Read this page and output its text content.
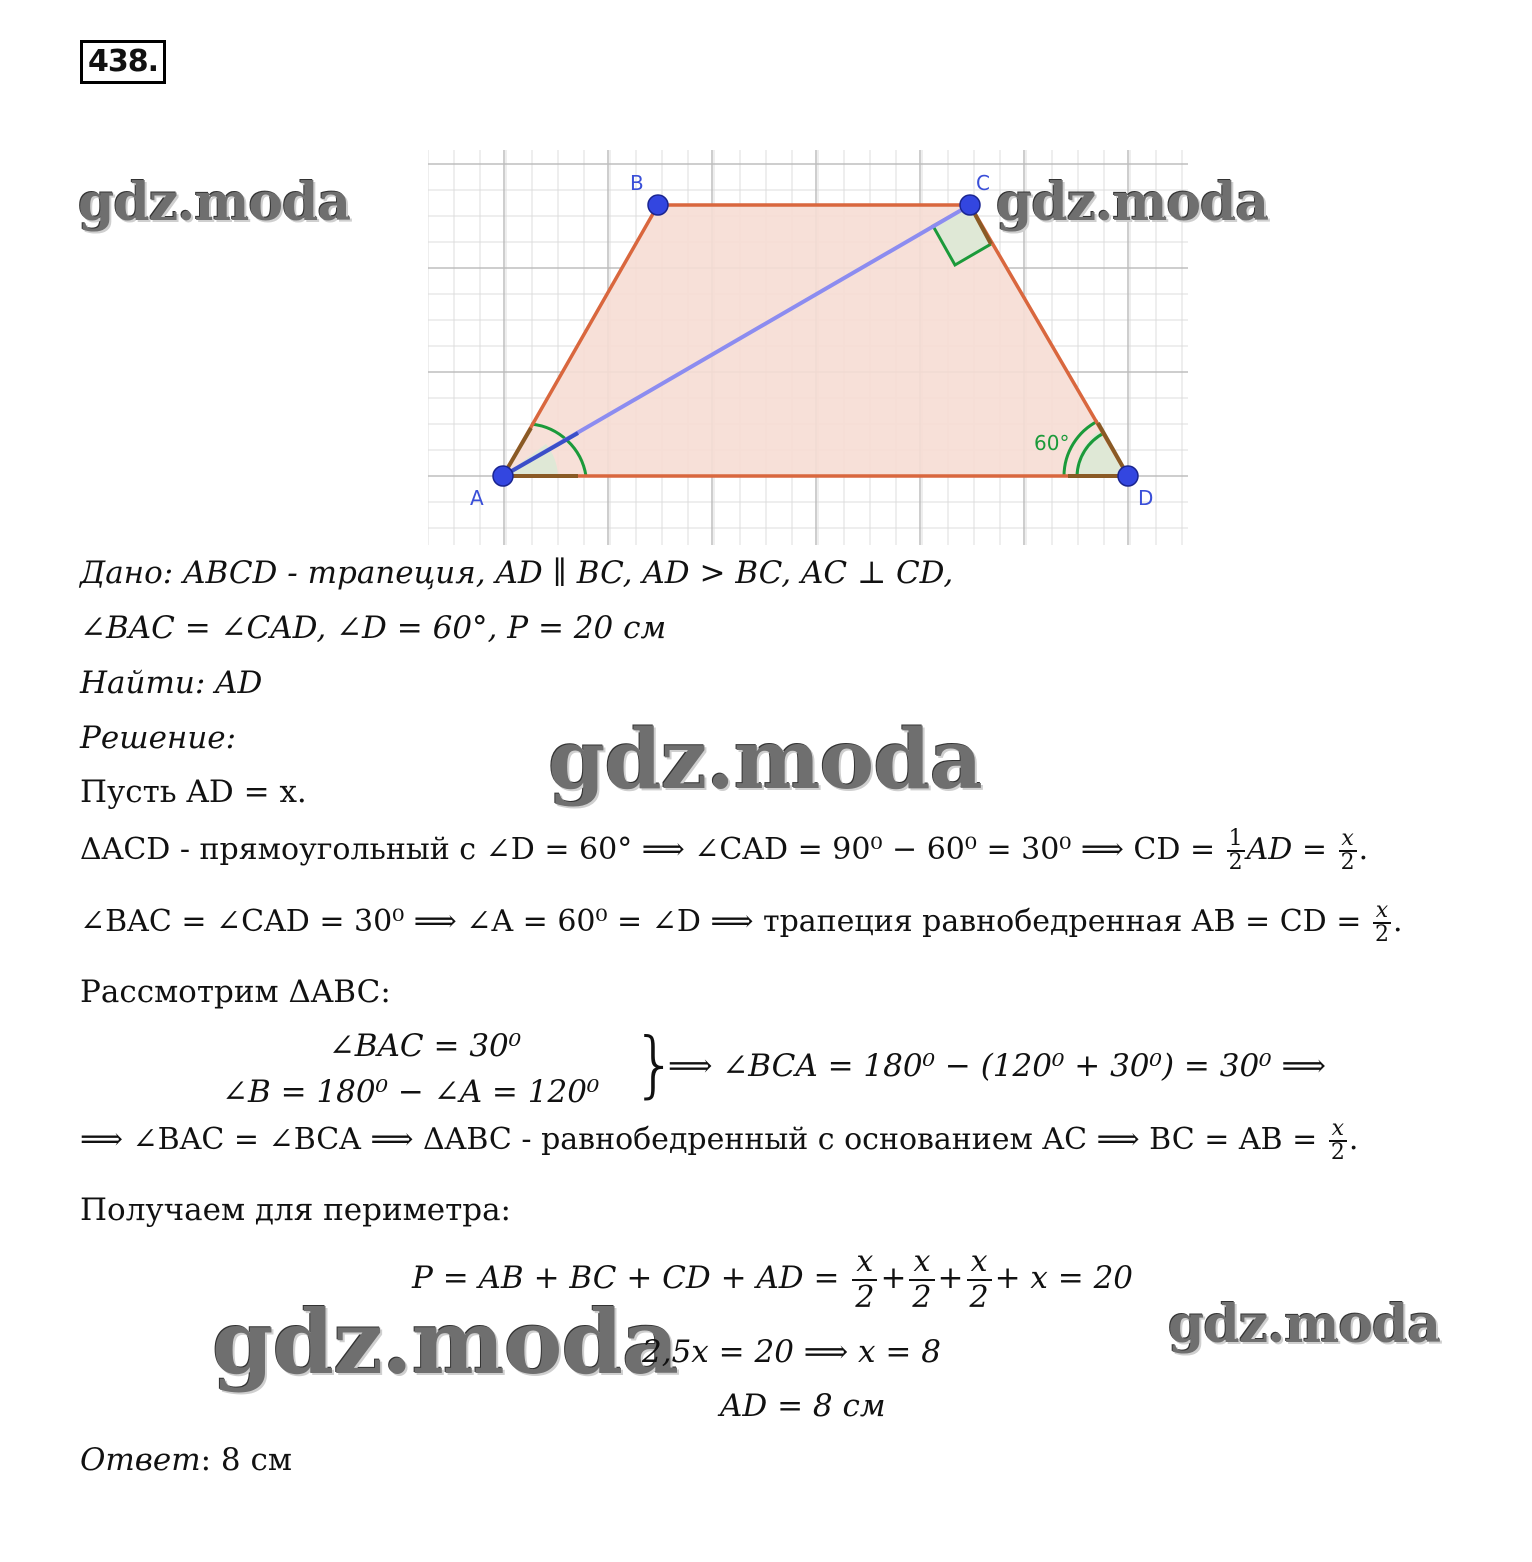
438.
A
B	C
D
60°
gdz.moda	gdz.moda
Дано: ABCD - трапеция, AD ∥ BC, AD > BC, AC ⊥ CD,
∠BAC = ∠CAD, ∠D = 60°, P = 20 см
Найти: AD
Решение:	gdz.moda
Пусть AD = x.
ΔACD - прямоугольный с ∠D = 60° ⟹ ∠CAD = 90⁰ − 60⁰ = 30⁰ ⟹ CD = $\frac{1}{2}$ AD = $\frac{x}{2}$ .
∠BAC = ∠CAD = 30⁰ ⟹ ∠A = 60⁰ = ∠D ⟹ трапеция равнобедренная AB = CD = $\frac{x}{2}$ .
Рассмотрим ΔABC:
∠BAC = 30⁰
∠B = 180⁰ − ∠A = 120⁰ }
⟹ ∠BCA = 180⁰ − (120⁰ + 30⁰) = 30⁰ ⟹
⟹ ∠BAC = ∠BCA ⟹ ΔABC - равнобедренный с основанием AC ⟹ BC = AB = $\frac{x}{2}$ .
Получаем для периметра:
P = AB + BC + CD + AD = $\frac{x}{2} + \frac{x}{2} + \frac{x}{2} + x = 20$
gdz.moda	gdz.moda
2,5x = 20 ⟹ x = 8
AD = 8 см
Ответ: 8 см
